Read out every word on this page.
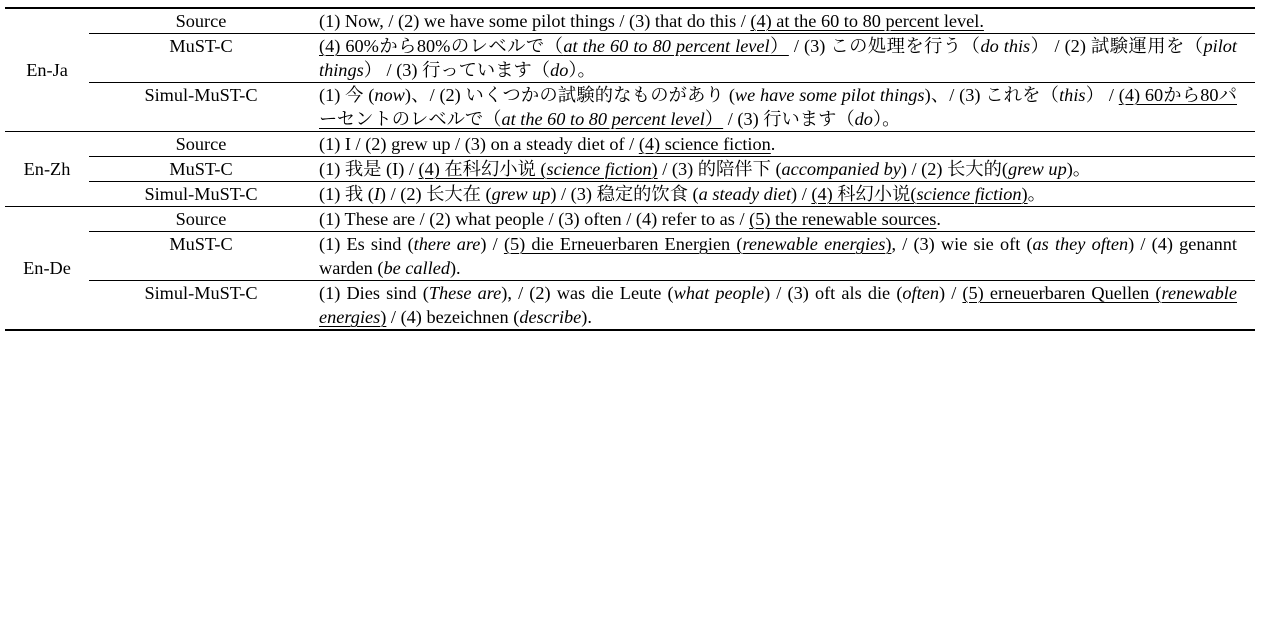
En-Ja	Source	(1) Now, / (2) we have some pilot things / (3) that do this / (4) at the 60 to 80 percent level.
	MuST-C	(4) 60%から80%のレベルで（at the 60 to 80 percent level） / (3) この処理を行う（do this） / (2) 試験運用を（pilot things） / (3) 行っています（do）。
	Simul-MuST-C	(1) 今 (now)、/ (2) いくつかの試験的なものがあり (we have some pilot things)、/ (3) これを（this） / (4) 60から80パーセントのレベルで（at the 60 to 80 percent level） / (3) 行います（do）。
En-Zh	Source	(1) I / (2) grew up / (3) on a steady diet of / (4) science fiction.
	MuST-C	(1) 我是 (I) / (4) 在科幻小说 (science fiction) / (3) 的陪伴下 (accompanied by) / (2) 长大的(grew up)。
	Simul-MuST-C	(1) 我 (I) / (2) 长大在 (grew up) / (3) 稳定的饮食 (a steady diet) / (4) 科幻小说(science fiction)。
En-De	Source	(1) These are / (2) what people / (3) often / (4) refer to as / (5) the renewable sources.
	MuST-C	(1) Es sind (there are) / (5) die Erneuerbaren Energien (renewable energies), / (3) wie sie oft (as they often) / (4) genannt warden (be called).
	Simul-MuST-C	(1) Dies sind (These are), / (2) was die Leute (what people) / (3) oft als die (often) / (5) erneuerbaren Quellen (renewable energies) / (4) bezeichnen (describe).
